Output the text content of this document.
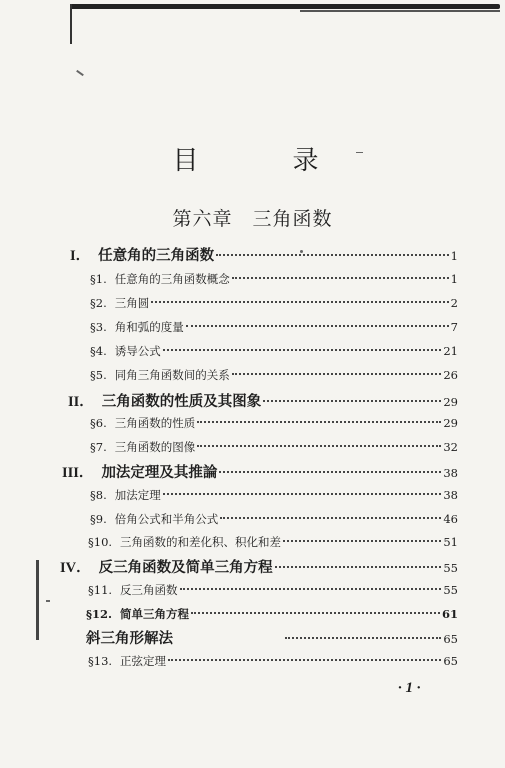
目　录
第六章　三角函数
I． 任意角的三角函数	1
§1. 任意角的三角函数概念	1
§2. 三角圆	2
§3. 角和弧的度量	7
§4. 诱导公式	21
§5. 同角三角函数间的关系	26
II． 三角函数的性质及其图象	29
§6. 三角函数的性质	29
§7. 三角函数的图像	32
III． 加法定理及其推論	38
§8. 加法定理	38
§9. 倍角公式和半角公式	46
§10. 三角函数的和差化积、积化和差	51
IV． 反三角函数及简单三角方程	55
§11. 反三角函数	55
§12. 简单三角方程	61
斜三角形解法	65
§13. 正弦定理	65
· 1 ·
